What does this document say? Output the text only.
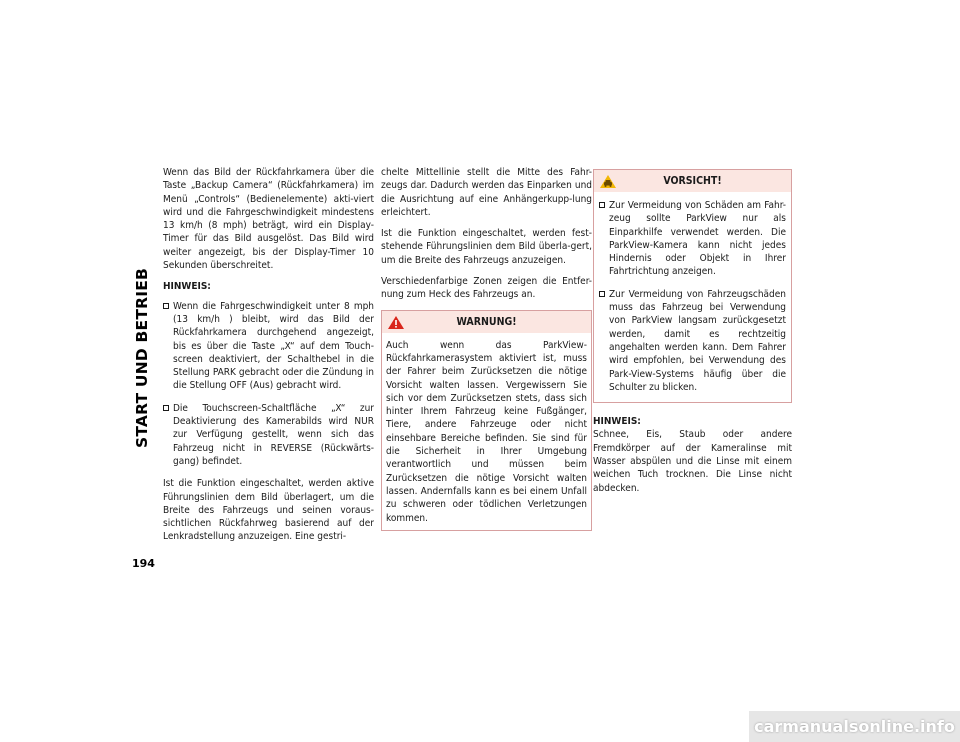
START UND BETRIEB
194

Wenn das Bild der Rückfahrkamera über die Taste „Backup Camera“ (Rückfahrkamera) im Menü „Controls“ (Bedienelemente) akti-viert wird und die Fahrgeschwindigkeit mindestens 13 km/h (8 mph) beträgt, wird ein Display-Timer für das Bild ausgelöst. Das Bild wird weiter angezeigt, bis der Display-Timer 10 Sekunden überschreitet.

HINWEIS:
Wenn die Fahrgeschwindigkeit unter 8 mph (13 km/h ) bleibt, wird das Bild der Rückfahrkamera durchgehend angezeigt, bis es über die Taste „X“ auf dem Touch-screen deaktiviert, der Schalthebel in die Stellung PARK gebracht oder die Zündung in die Stellung OFF (Aus) gebracht wird.
Die Touchscreen-Schaltfläche „X“ zur Deaktivierung des Kamerabilds wird NUR zur Verfügung gestellt, wenn sich das Fahrzeug nicht in REVERSE (Rückwärts-gang) befindet.

Ist die Funktion eingeschaltet, werden aktive Führungslinien dem Bild überlagert, um die Breite des Fahrzeugs und seinen voraus-sichtlichen Rückfahrweg basierend auf der Lenkradstellung anzuzeigen. Eine gestri-

chelte Mittellinie stellt die Mitte des Fahr-zeugs dar. Dadurch werden das Einparken und die Ausrichtung auf eine Anhängerkupp-lung erleichtert.

Ist die Funktion eingeschaltet, werden fest-stehende Führungslinien dem Bild überla-gert, um die Breite des Fahrzeugs anzuzeigen.

Verschiedenfarbige Zonen zeigen die Entfer-nung zum Heck des Fahrzeugs an.

WARNUNG!

Auch wenn das ParkView-Rückfahrkamerasystem aktiviert ist, muss der Fahrer beim Zurücksetzen die nötige Vorsicht walten lassen. Vergewissern Sie sich vor dem Zurücksetzen stets, dass sich hinter Ihrem Fahrzeug keine Fußgänger, Tiere, andere Fahrzeuge oder nicht einsehbare Bereiche befinden. Sie sind für die Sicherheit in Ihrer Umgebung verantwortlich und müssen beim Zurücksetzen die nötige Vorsicht walten lassen. Andernfalls kann es bei einem Unfall zu schweren oder tödlichen Verletzungen kommen.

VORSICHT!
Zur Vermeidung von Schäden am Fahr-zeug sollte ParkView nur als Einparkhilfe verwendet werden. Die ParkView-Kamera kann nicht jedes Hindernis oder Objekt in Ihrer Fahrtrichtung anzeigen.
Zur Vermeidung von Fahrzeugschäden muss das Fahrzeug bei Verwendung von ParkView langsam zurückgesetzt werden, damit es rechtzeitig angehalten werden kann. Dem Fahrer wird empfohlen, bei Verwendung des Park-View-Systems häufig über die Schulter zu blicken.
HINWEIS:

Schnee, Eis, Staub oder andere Fremdkörper auf der Kameralinse mit Wasser abspülen und die Linse mit einem weichen Tuch trocknen. Die Linse nicht abdecken.

carmanualsonline.info
